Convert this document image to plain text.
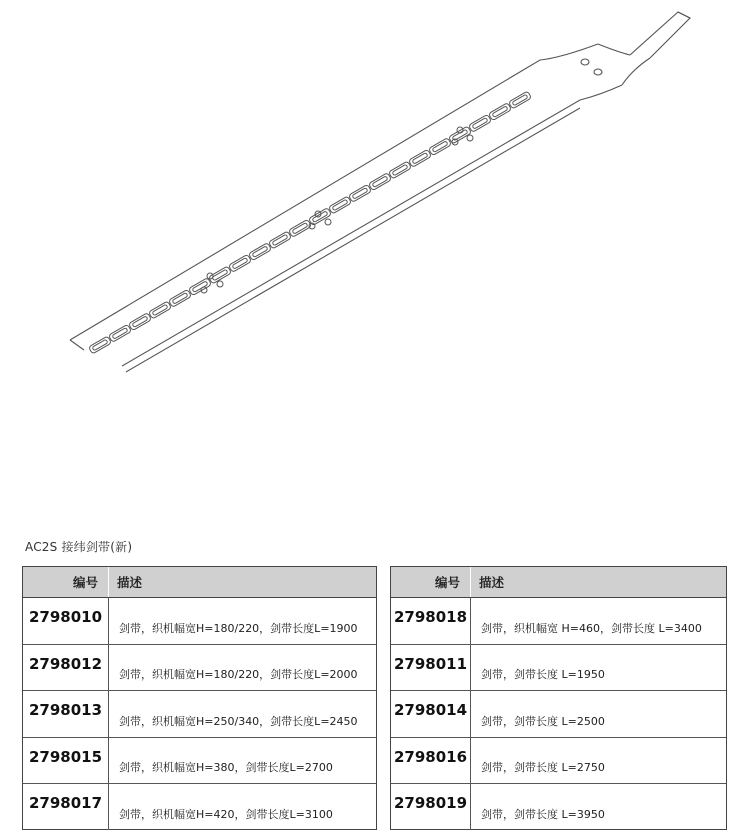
AC2S 接纬剑带(新)
编号	描述
2798010
剑带，织机幅宽H=180/220，剑带长度L=1900
2798012
剑带，织机幅宽H=180/220，剑带长度L=2000
2798013
剑带，织机幅宽H=250/340，剑带长度L=2450
2798015
剑带，织机幅宽H=380，剑带长度L=2700
2798017
剑带，织机幅宽H=420，剑带长度L=3100
编号	描述
2798018
剑带，织机幅宽 H=460，剑带长度 L=3400
2798011
剑带，剑带长度 L=1950
2798014
剑带，剑带长度 L=2500
2798016
剑带，剑带长度 L=2750
2798019
剑带，剑带长度 L=3950
